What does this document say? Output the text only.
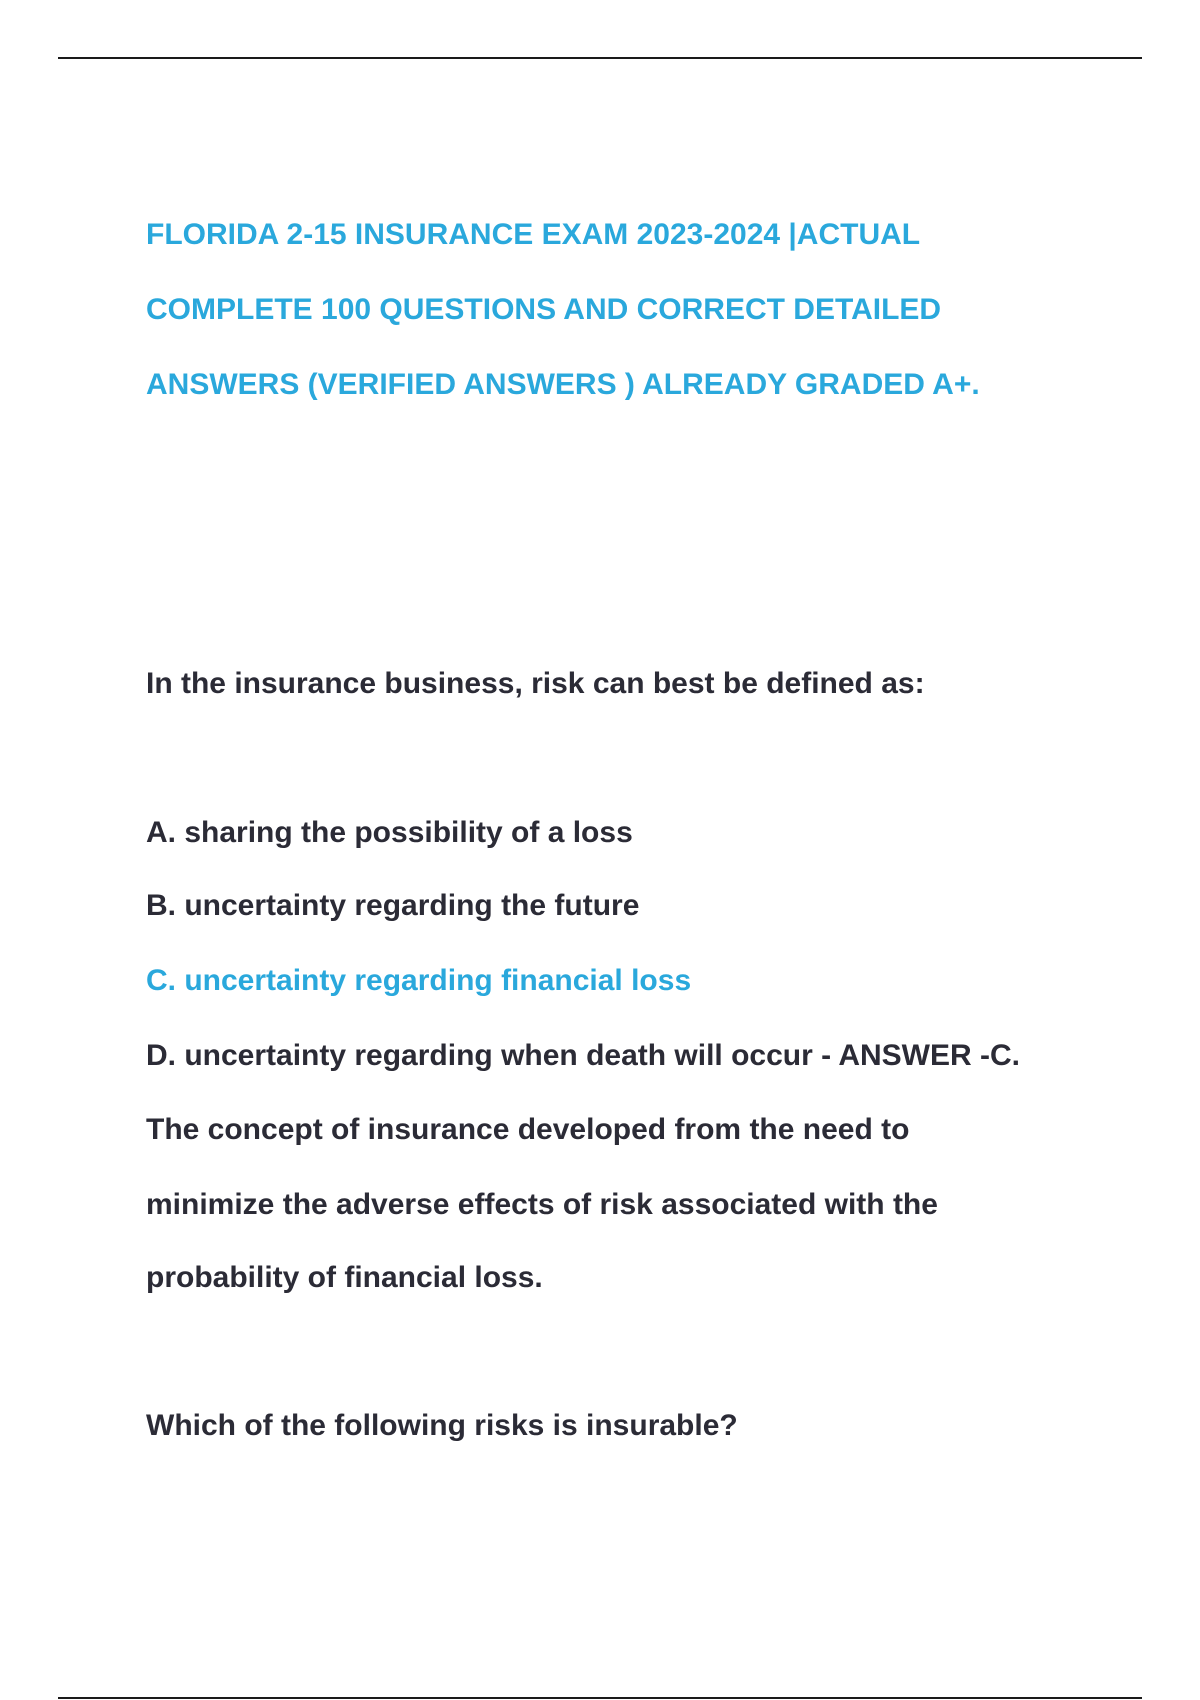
FLORIDA 2-15 INSURANCE EXAM 2023-2024 |ACTUAL
COMPLETE 100 QUESTIONS AND CORRECT DETAILED
ANSWERS (VERIFIED ANSWERS ) ALREADY GRADED A+.

In the insurance business, risk can best be defined as:

A. sharing the possibility of a loss

B. uncertainty regarding the future

C. uncertainty regarding financial loss

D. uncertainty regarding when death will occur - ANSWER -C.

The concept of insurance developed from the need to

minimize the adverse effects of risk associated with the

probability of financial loss.

Which of the following risks is insurable?
